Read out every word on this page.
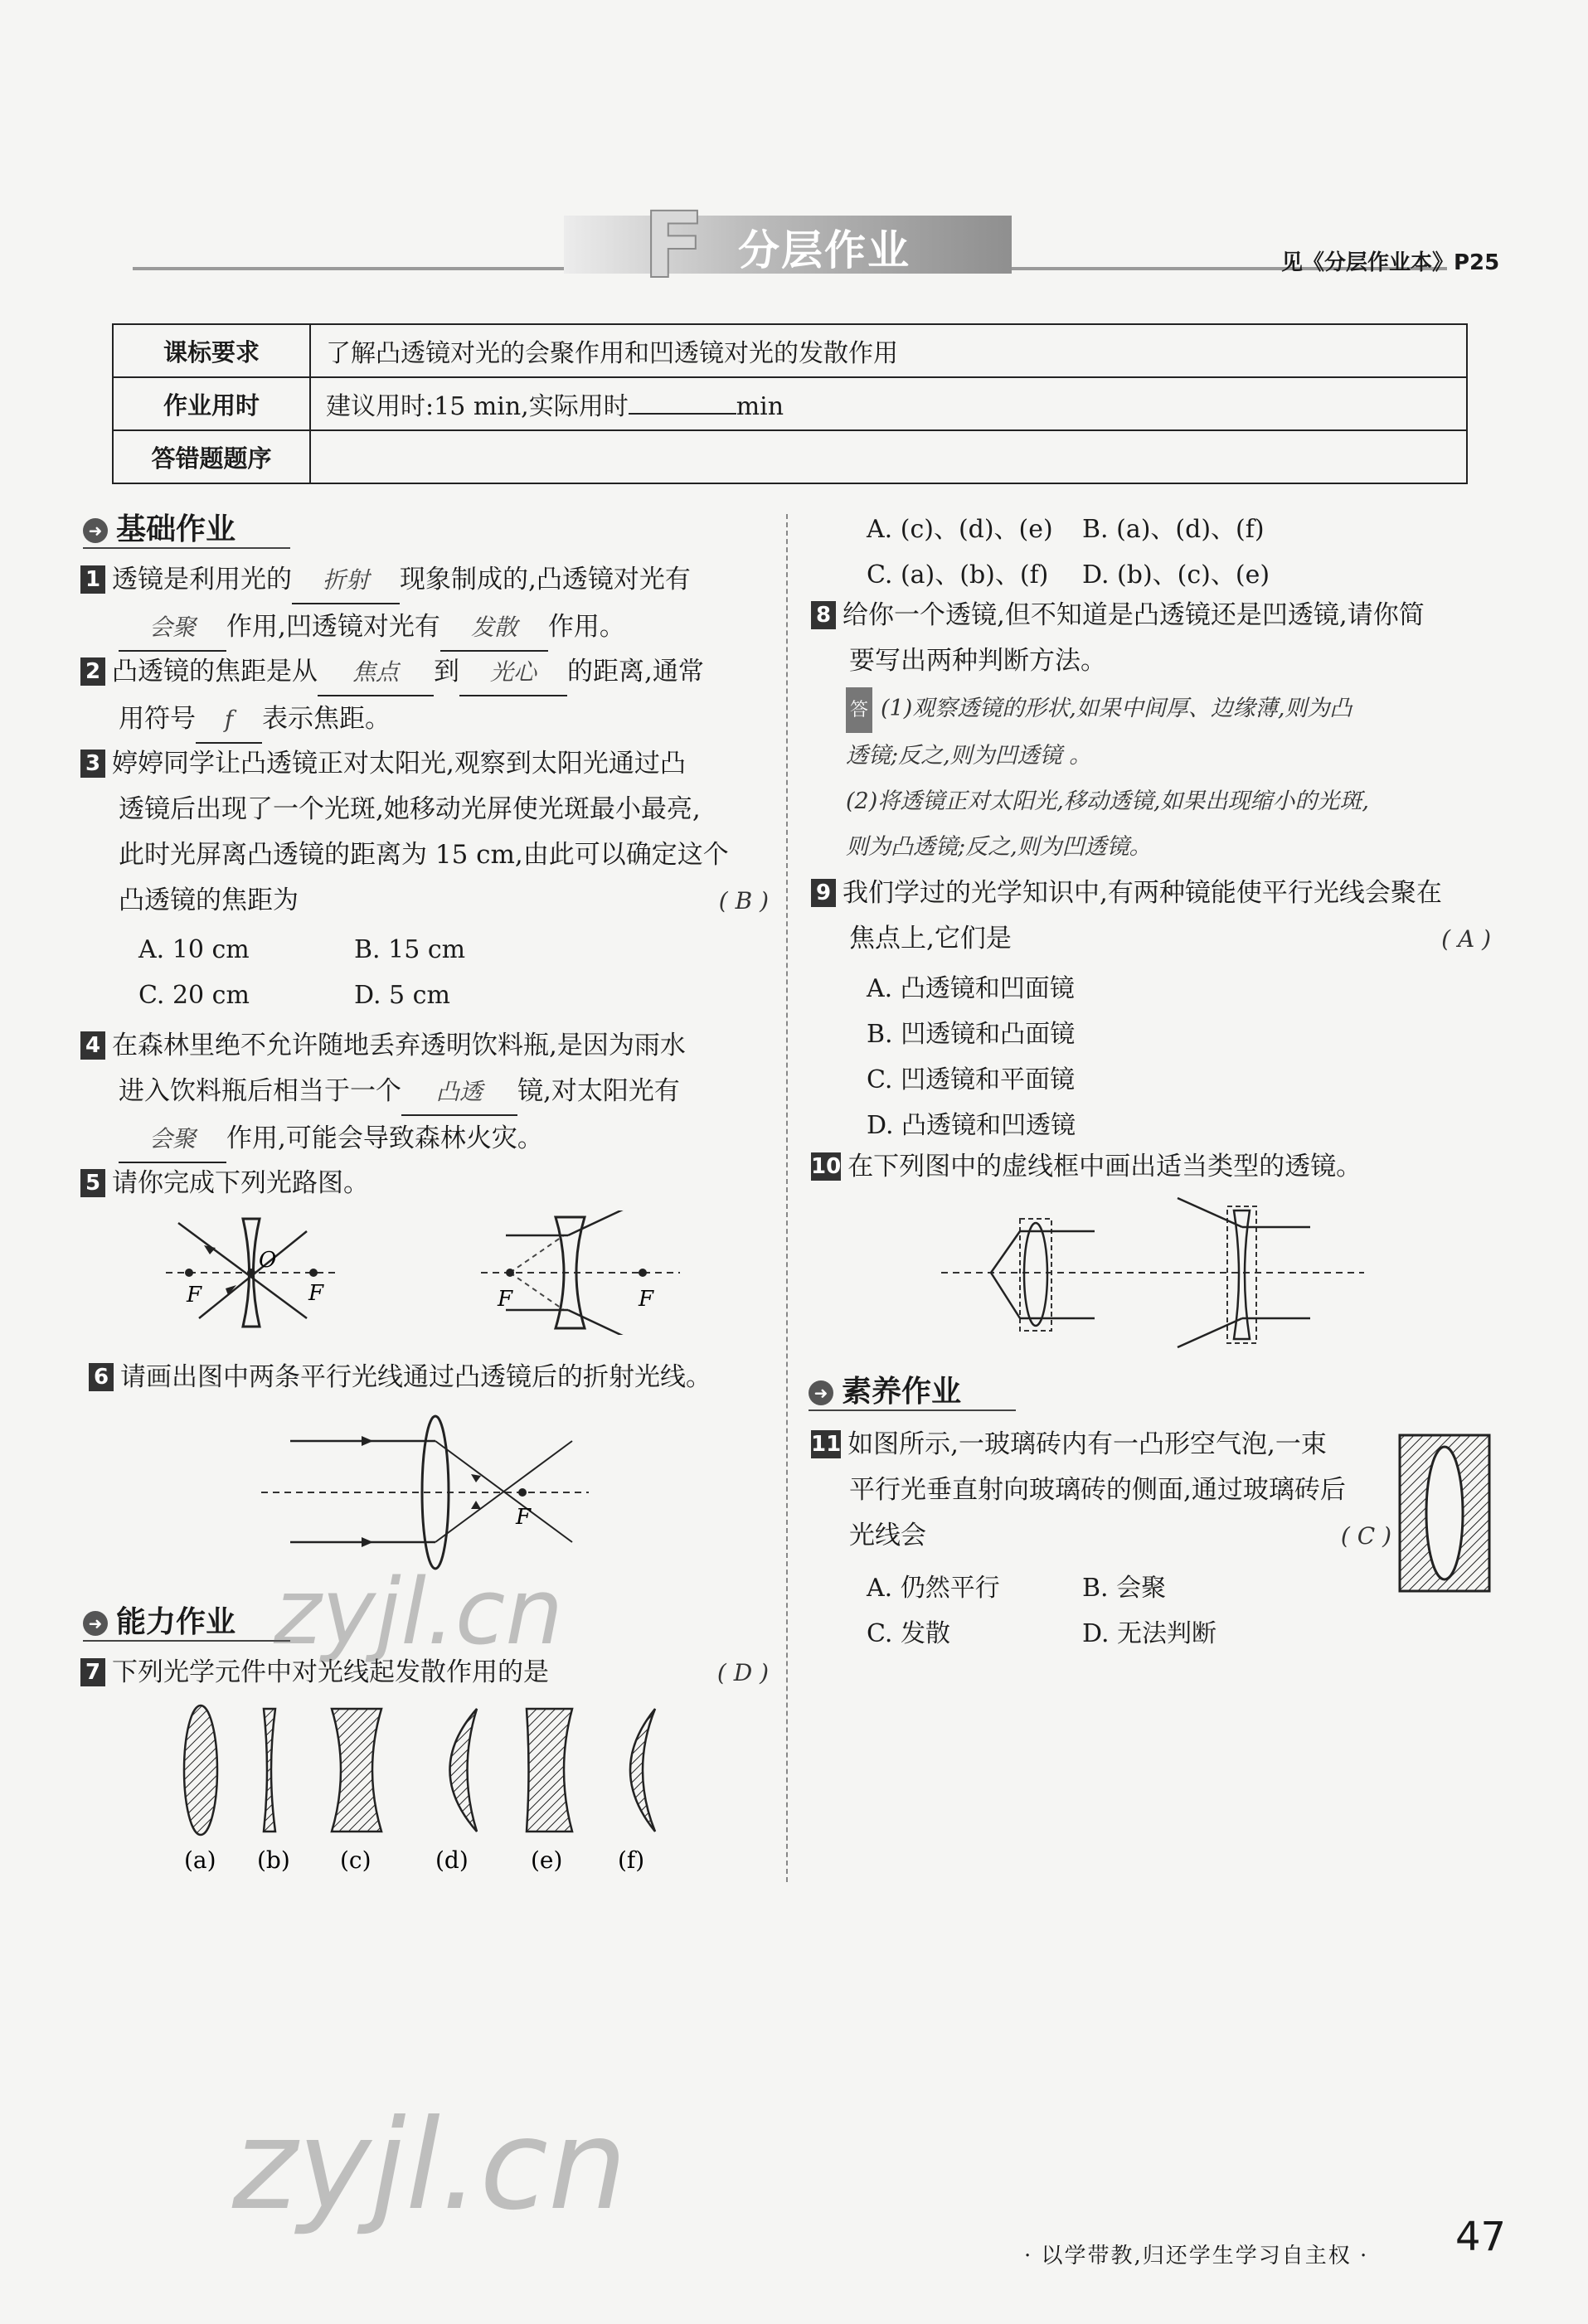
F 分层作业	见《分层作业本》P25
课标要求	了解凸透镜对光的会聚作用和凹透镜对光的发散作用
作业用时	建议用时:15 min,实际用时 min
答错题题序	
➜ 基础作业
1 透镜是利用光的 折射 现象制成的,凸透镜对光有
会聚 作用,凹透镜对光有 发散 作用。
2 凸透镜的焦距是从 焦点 到 光心 的距离,通常
用符号 f 表示焦距。
3 婷婷同学让凸透镜正对太阳光,观察到太阳光通过凸
透镜后出现了一个光斑,她移动光屏使光斑最小最亮,
此时光屏离凸透镜的距离为 15 cm,由此可以确定这个
凸透镜的焦距为	( B )
A. 10 cm	B. 15 cm
C. 20 cm	D. 5 cm
4 在森林里绝不允许随地丢弃透明饮料瓶,是因为雨水
进入饮料瓶后相当于一个 凸透 镜,对太阳光有
会聚 作用,可能会导致森林火灾。
5 请你完成下列光路图。
F
O
F	F	F
6 请画出图中两条平行光线通过凸透镜后的折射光线。
F
➜ 能力作业
7 下列光学元件中对光线起发散作用的是	( D )
(a) (b) (c)	(d)	(e) (f)
A. (c)、(d)、(e) B. (a)、(d)、(f)
C. (a)、(b)、(f) D. (b)、(c)、(e)
8 给你一个透镜,但不知道是凸透镜还是凹透镜,请你简
要写出两种判断方法。
答 (1)观察透镜的形状,如果中间厚、边缘薄,则为凸
透镜;反之,则为凹透镜 。
(2)将透镜正对太阳光,移动透镜,如果出现缩小的光斑,
则为凸透镜;反之,则为凹透镜。
9 我们学过的光学知识中,有两种镜能使平行光线会聚在
焦点上,它们是	( A )
A. 凸透镜和凹面镜
B. 凹透镜和凸面镜
C. 凹透镜和平面镜
D. 凸透镜和凹透镜
10 在下列图中的虚线框中画出适当类型的透镜。
➜ 素养作业
11 如图所示,一玻璃砖内有一凸形空气泡,一束
平行光垂直射向玻璃砖的侧面,通过玻璃砖后
光线会	( C )
A. 仍然平行	B. 会聚
C. 发散	D. 无法判断
zyjl.cn
zyjl.cn
· 以学带教,归还学生学习自主权 · 47
